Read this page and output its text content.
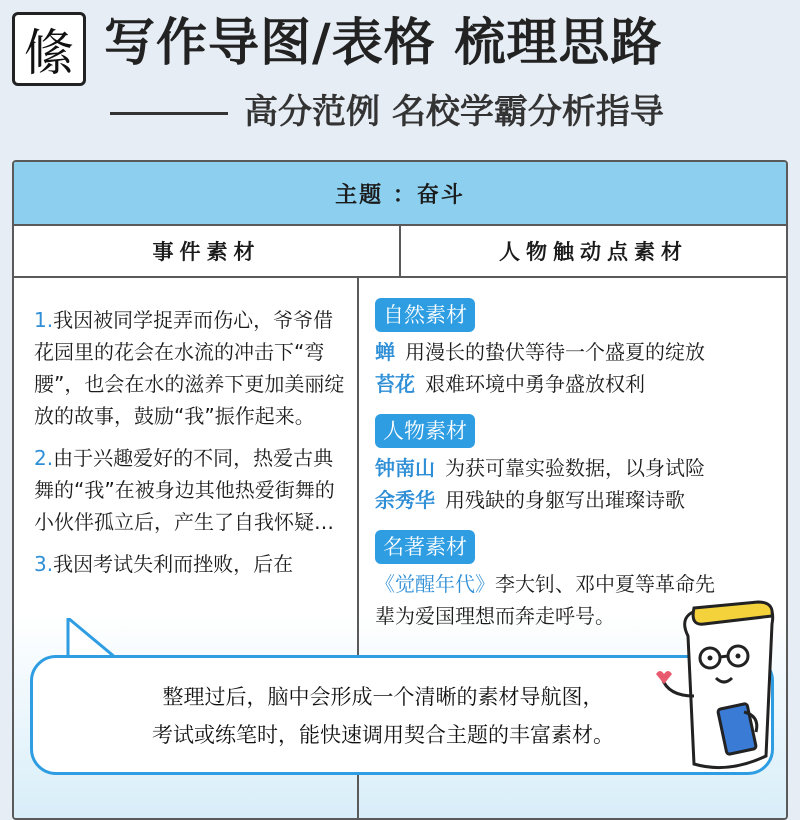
絛 写作导图/表格 梳理思路
高分范例 名校学霸分析指导
主题 ：奋斗
事件素材	人物触动点素材
1.我因被同学捉弄而伤心，爷爷借花园里的花会在水流的冲击下“弯腰”，也会在水的滋养下更加美丽绽放的故事，鼓励“我”振作起来。
2.由于兴趣爱好的不同，热爱古典舞的“我”在被身边其他热爱街舞的小伙伴孤立后，产生了自我怀疑…
3.我因考试失利而挫败，后在
自然素材
蝉 用漫长的蛰伏等待一个盛夏的绽放
苔花 艰难环境中勇争盛放权利
人物素材
钟南山 为获可靠实验数据，以身试险
余秀华 用残缺的身躯写出璀璨诗歌
名著素材
《觉醒年代》李大钊、邓中夏等革命先
辈为爱国理想而奔走呼号。
整理过后，脑中会形成一个清晰的素材导航图，
考试或练笔时，能快速调用契合主题的丰富素材。
